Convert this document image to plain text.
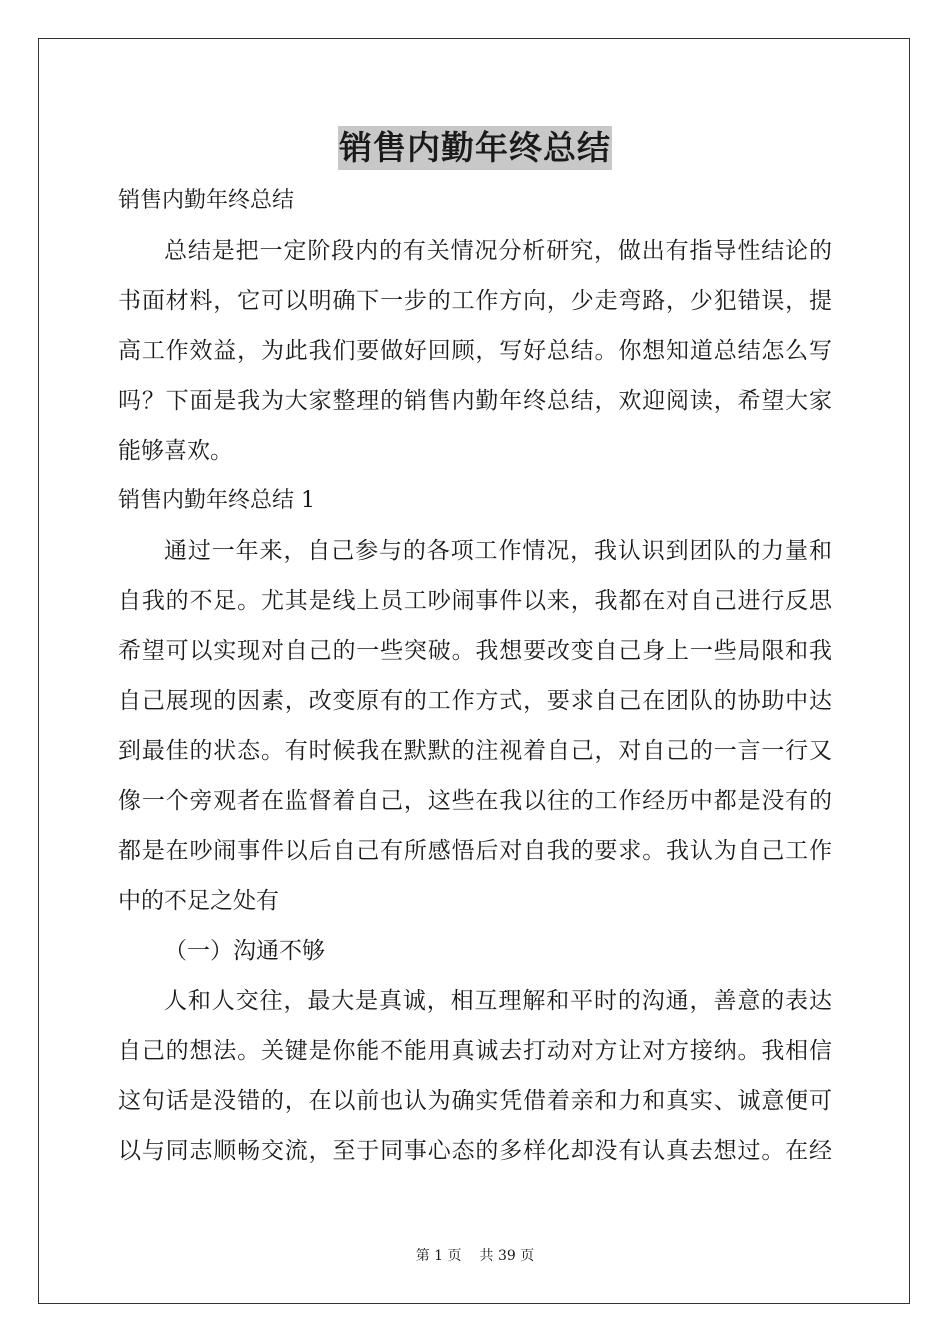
销售内勤年终总结
销售内勤年终总结
总结是把一定阶段内的有关情况分析研究，做出有指导性结论的
书面材料，它可以明确下一步的工作方向，少走弯路，少犯错误，提
高工作效益，为此我们要做好回顾，写好总结。你想知道总结怎么写
吗？下面是我为大家整理的销售内勤年终总结，欢迎阅读，希望大家
能够喜欢。
销售内勤年终总结 1
通过一年来，自己参与的各项工作情况，我认识到团队的力量和
自我的不足。尤其是线上员工吵闹事件以来，我都在对自己进行反思
希望可以实现对自己的一些突破。我想要改变自己身上一些局限和我
自己展现的因素，改变原有的工作方式，要求自己在团队的协助中达
到最佳的状态。有时候我在默默的注视着自己，对自己的一言一行又
像一个旁观者在监督着自己，这些在我以往的工作经历中都是没有的
都是在吵闹事件以后自己有所感悟后对自我的要求。我认为自己工作
中的不足之处有
（一）沟通不够
人和人交往，最大是真诚，相互理解和平时的沟通，善意的表达
自己的想法。关键是你能不能用真诚去打动对方让对方接纳。我相信
这句话是没错的，在以前也认为确实凭借着亲和力和真实、诚意便可
以与同志顺畅交流，至于同事心态的多样化却没有认真去想过。在经
第 1 页 共 39 页
